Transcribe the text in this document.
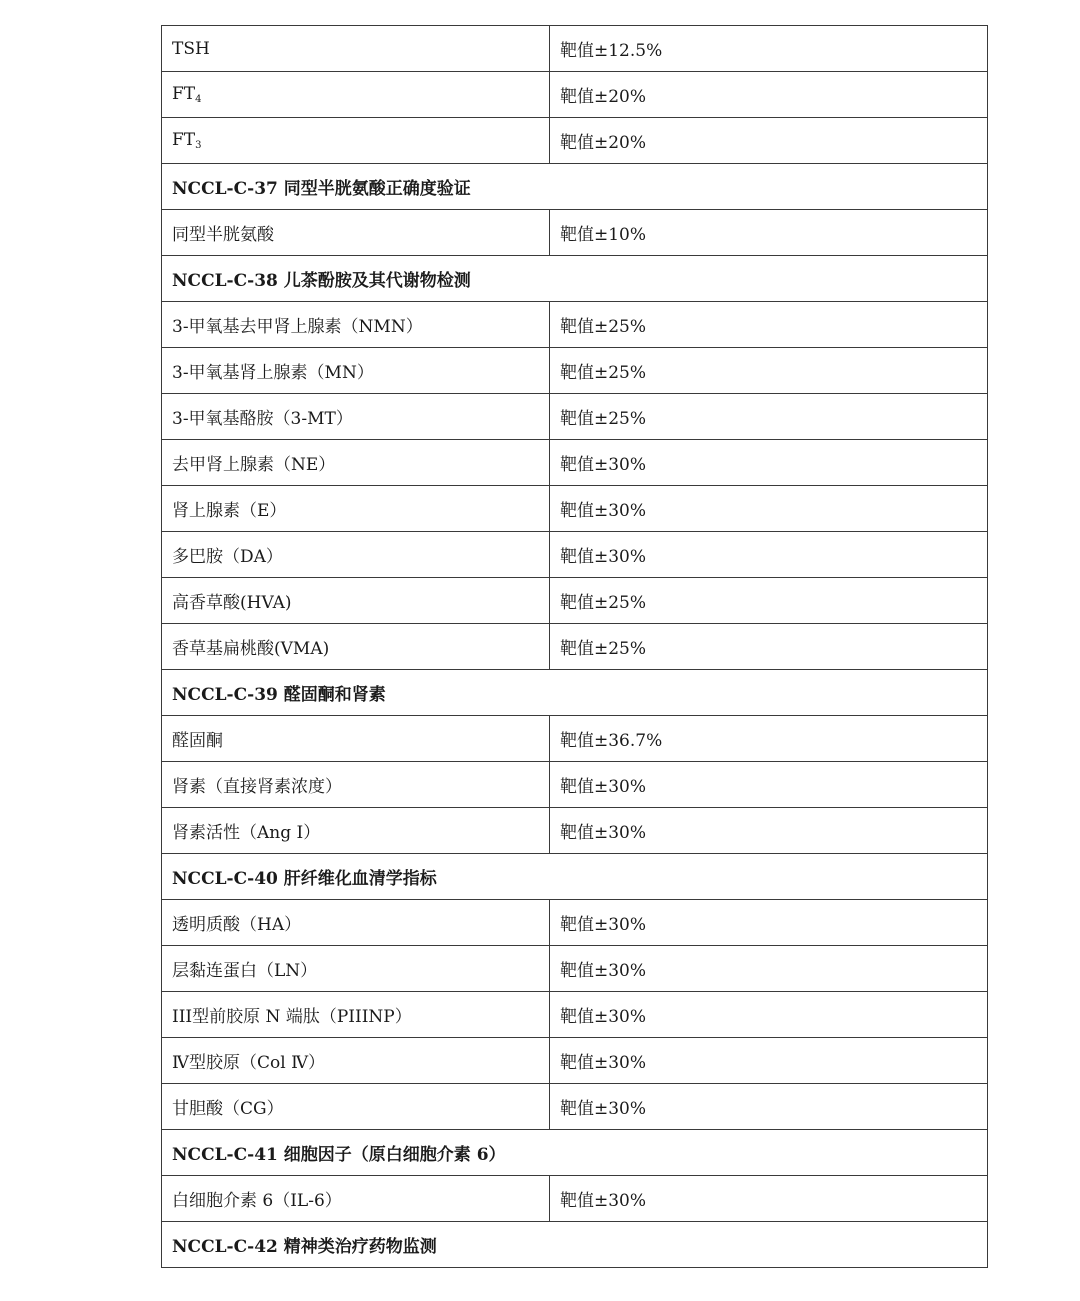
TSH	靶值±12.5%
$FT_4$	靶值±20%
$FT_3$	靶值±20%
NCCL-C-37 同型半胱氨酸正确度验证	
同型半胱氨酸	靶值±10%
NCCL-C-38 儿茶酚胺及其代谢物检测	
3-甲氧基去甲肾上腺素（NMN）	靶值±25%
3-甲氧基肾上腺素（MN）	靶值±25%
3-甲氧基酪胺（3-MT）	靶值±25%
去甲肾上腺素（NE）	靶值±30%
肾上腺素（E）	靶值±30%
多巴胺（DA）	靶值±30%
高香草酸(HVA)	靶值±25%
香草基扁桃酸(VMA)	靶值±25%
NCCL-C-39 醛固酮和肾素	
醛固酮	靶值±36.7%
肾素（直接肾素浓度）	靶值±30%
肾素活性（Ang I）	靶值±30%
NCCL-C-40 肝纤维化血清学指标	
透明质酸（HA）	靶值±30%
层黏连蛋白（LN）	靶值±30%
III型前胶原 N 端肽（PIIINP）	靶值±30%
Ⅳ型胶原（Col Ⅳ）	靶值±30%
甘胆酸（CG）	靶值±30%
NCCL-C-41 细胞因子（原白细胞介素 6）	
白细胞介素 6（IL-6）	靶值±30%
NCCL-C-42 精神类治疗药物监测	
